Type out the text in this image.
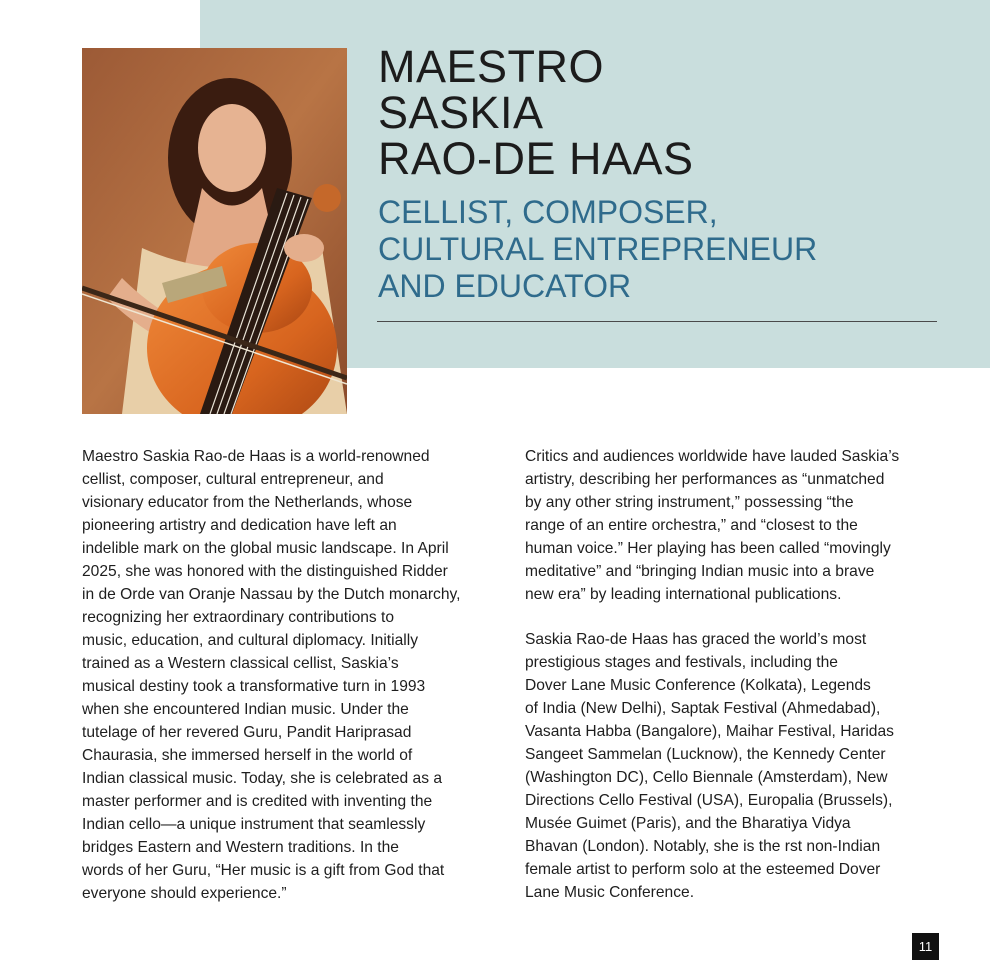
MAESTRO
SASKIA
RAO-DE HAAS
CELLIST, COMPOSER,
CULTURAL ENTREPRENEUR
AND EDUCATOR
Maestro Saskia Rao-de Haas is a world-renowned
cellist, composer, cultural entrepreneur, and
visionary educator from the Netherlands, whose
pioneering artistry and dedication have left an
indelible mark on the global music landscape. In April
2025, she was honored with the distinguished Ridder
in de Orde van Oranje Nassau by the Dutch monarchy,
recognizing her extraordinary contributions to
music, education, and cultural diplomacy. Initially
trained as a Western classical cellist, Saskia’s
musical destiny took a transformative turn in 1993
when she encountered Indian music. Under the
tutelage of her revered Guru, Pandit Hariprasad
Chaurasia, she immersed herself in the world of
Indian classical music. Today, she is celebrated as a
master performer and is credited with inventing the
Indian cello—a unique instrument that seamlessly
bridges Eastern and Western traditions. In the
words of her Guru, “Her music is a gift from God that
everyone should experience.”
Critics and audiences worldwide have lauded Saskia’s
artistry, describing her performances as “unmatched
by any other string instrument,” possessing “the
range of an entire orchestra,” and “closest to the
human voice.” Her playing has been called “movingly
meditative” and “bringing Indian music into a brave
new era” by leading international publications.
Saskia Rao-de Haas has graced the world’s most
prestigious stages and festivals, including the
Dover Lane Music Conference (Kolkata), Legends
of India (New Delhi), Saptak Festival (Ahmedabad),
Vasanta Habba (Bangalore), Maihar Festival, Haridas
Sangeet Sammelan (Lucknow), the Kennedy Center
(Washington DC), Cello Biennale (Amsterdam), New
Directions Cello Festival (USA), Europalia (Brussels),
Musée Guimet (Paris), and the Bharatiya Vidya
Bhavan (London). Notably, she is the rst non-Indian
female artist to perform solo at the esteemed Dover
Lane Music Conference.
11
